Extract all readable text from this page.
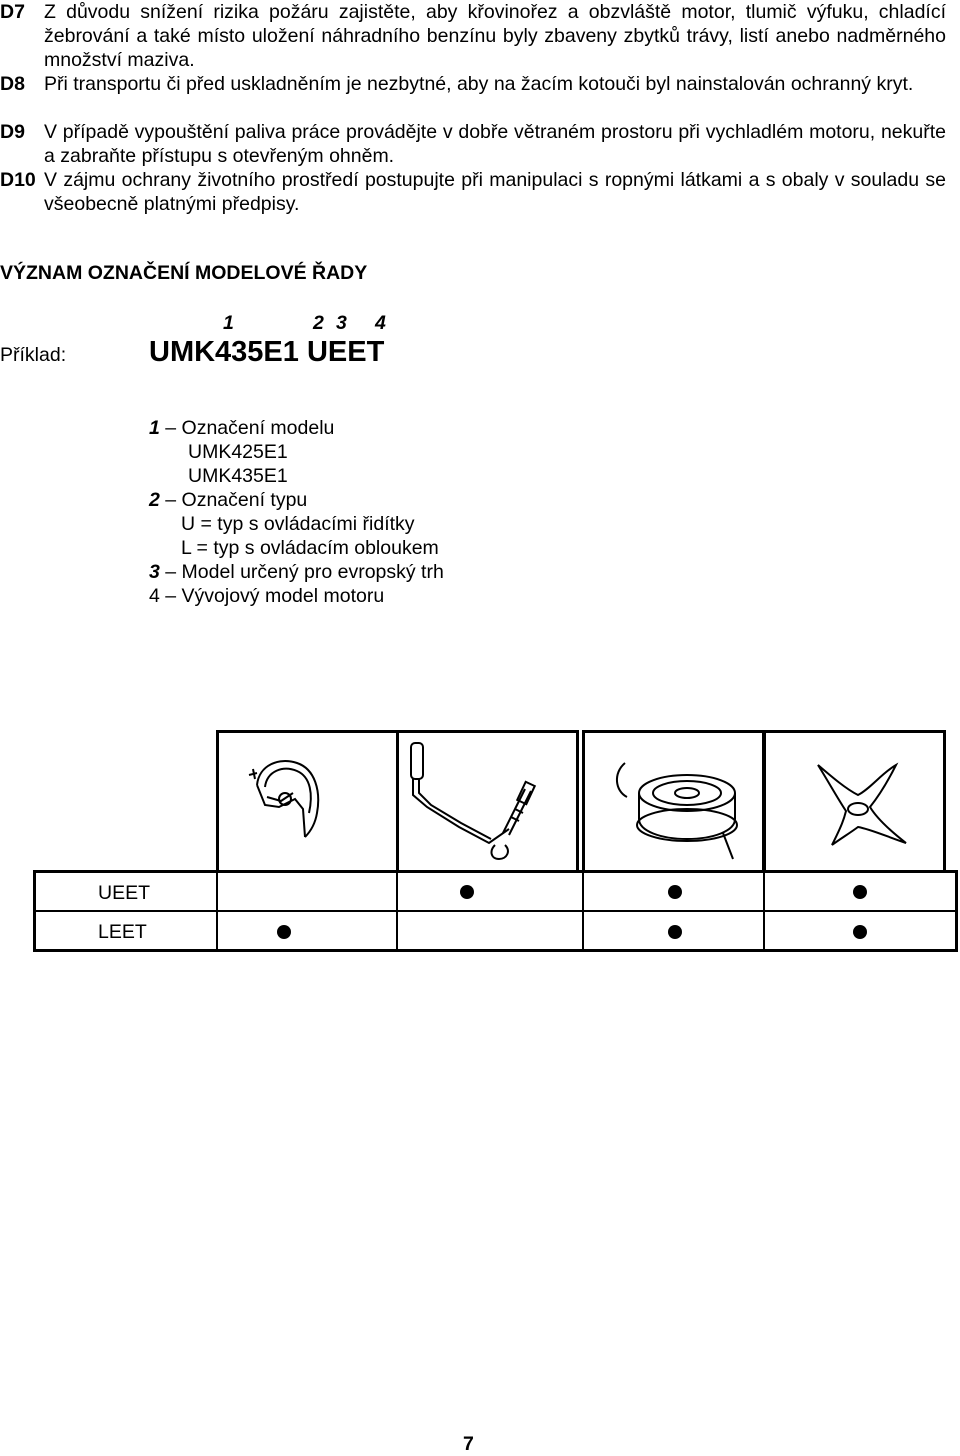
D7 Z důvodu snížení rizika požáru zajistěte, aby křovinořez a obzvláště motor, tlumič výfuku, chladící žebrování a také místo uložení náhradního benzínu byly zbaveny zbytků trávy, listí anebo nadměrného množství maziva.
D8 Při transportu či před uskladněním je nezbytné, aby na žacím kotouči byl nainstalován ochranný kryt.
D9 V případě vypouštění paliva práce provádějte v dobře větraném prostoru při vychladlém motoru, nekuřte a zabraňte přístupu s otevřeným ohněm.
D10 V zájmu ochrany životního prostředí postupujte při manipulaci s ropnými látkami a s obaly v souladu se všeobecně platnými předpisy.
VÝZNAM OZNAČENÍ MODELOVÉ ŘADY
1	2 3 4
Příklad:	UMK435E1 UEET
1 – Označení modelu
UMK425E1
UMK435E1
2 – Označení typu
U = typ s ovládacími řidítky
L = typ s ovládacím obloukem
3 – Model určený pro evropský trh
4 – Vývojový model motoru
UEET
LEET
7
